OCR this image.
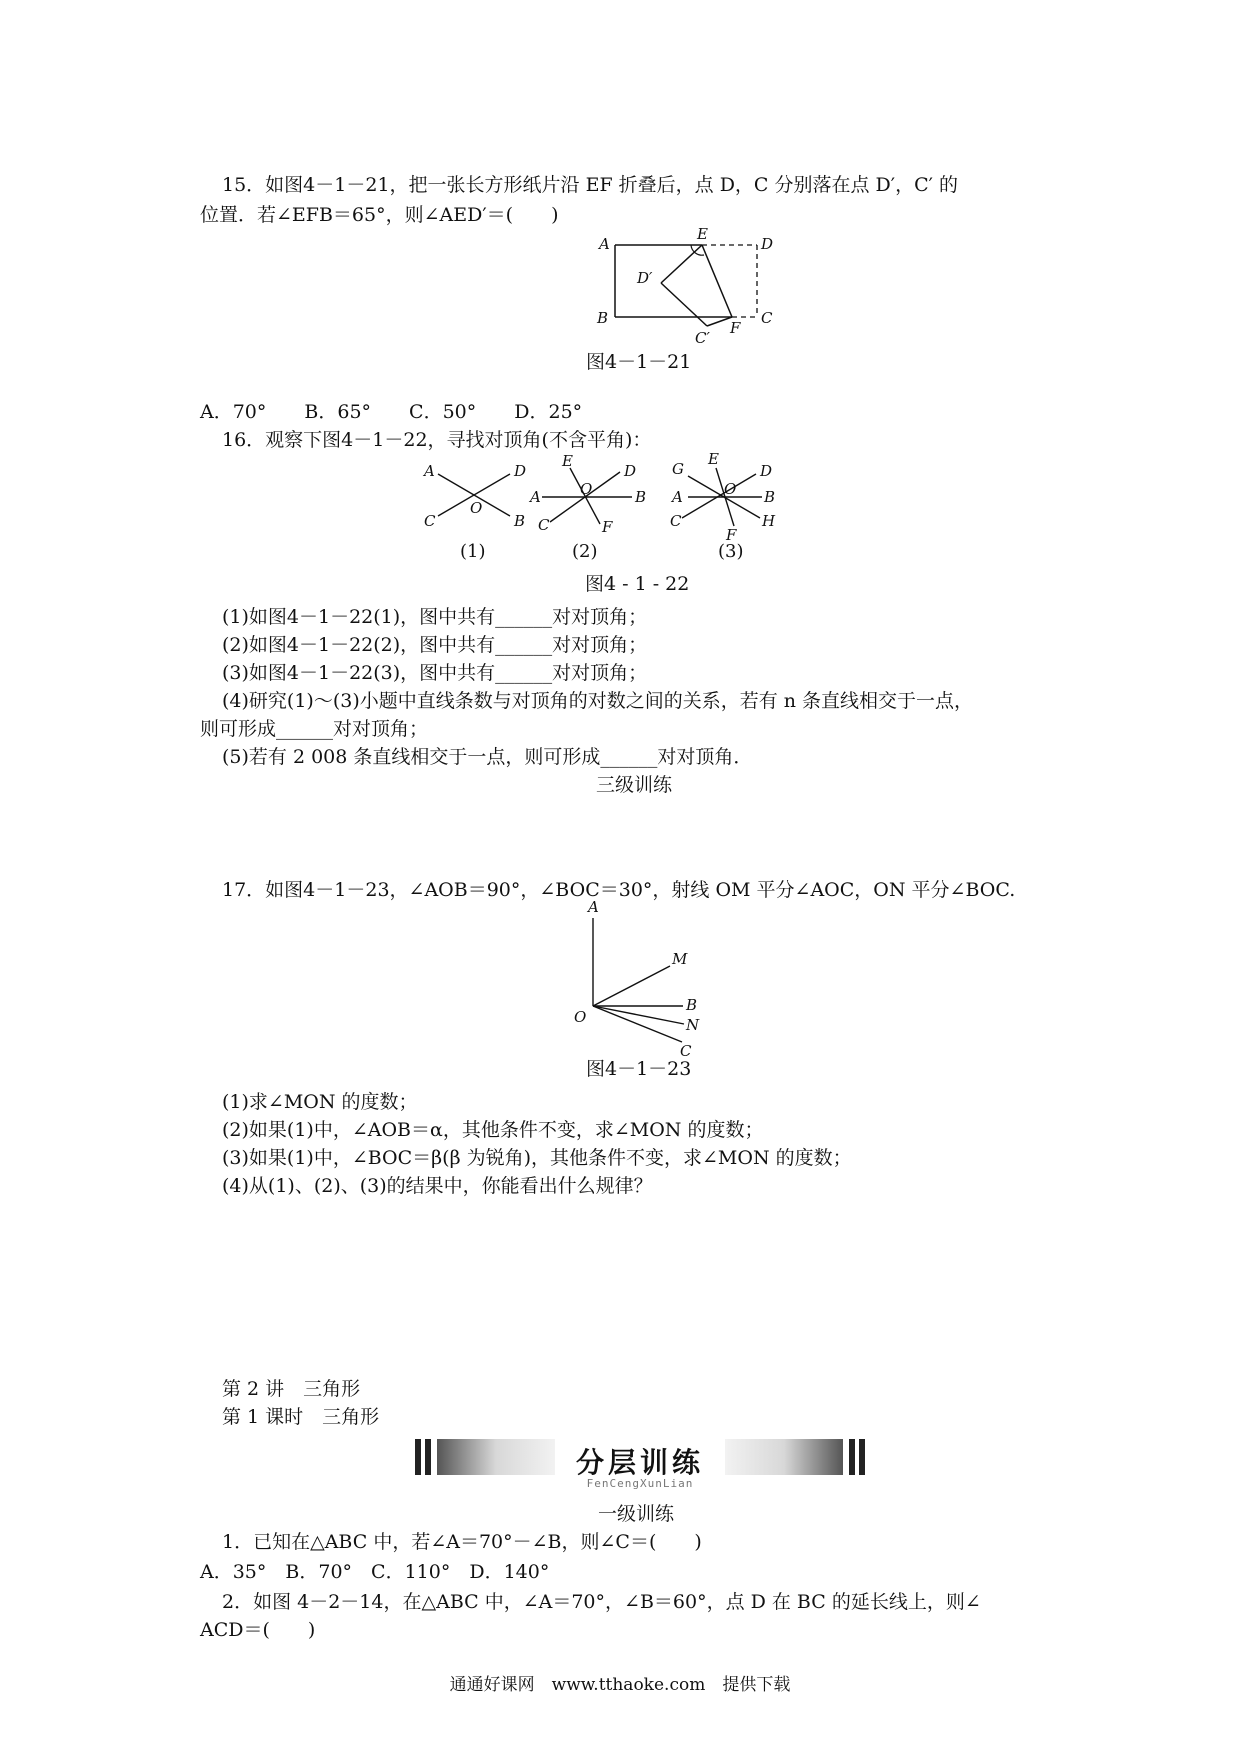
15．如图4－1－21，把一张长方形纸片沿 EF 折叠后，点 D，C 分别落在点 D′，C′ 的
位置．若∠EFB＝65°，则∠AED′＝(　　)
A
E
D
D′
B
C′
F
C
图4－1－21
A．70°　　B．65°　　C．50°　　D．25°
16．观察下图4－1－22，寻找对顶角(不含平角)：
A	D
O
C	B
(1)
E
D
A	O	B
C	F
(2)
G
E
D
A	O B
C
F
H
(3)
图4 - 1 - 22
(1)如图4－1－22(1)，图中共有______对对顶角；
(2)如图4－1－22(2)，图中共有______对对顶角；
(3)如图4－1－22(3)，图中共有______对对顶角；
(4)研究(1)～(3)小题中直线条数与对顶角的对数之间的关系，若有 n 条直线相交于一点，
则可形成______对对顶角；
(5)若有 2 008 条直线相交于一点，则可形成______对对顶角．
三级训练
17．如图4－1－23，∠AOB＝90°，∠BOC＝30°，射线 OM 平分∠AOC，ON 平分∠BOC.
A
M
B
O	N
C
图4－1－23
(1)求∠MON 的度数；
(2)如果(1)中，∠AOB＝α，其他条件不变，求∠MON 的度数；
(3)如果(1)中，∠BOC＝β(β 为锐角)，其他条件不变，求∠MON 的度数；
(4)从(1)、(2)、(3)的结果中，你能看出什么规律？
第 2 讲　三角形
第 1 课时　三角形
分层训练
FenCengXunLian
一级训练
1．已知在△ABC 中，若∠A＝70°－∠B，则∠C＝(　　)
A．35°　B．70°　C．110°　D．140°
2．如图 4－2－14，在△ABC 中，∠A＝70°，∠B＝60°，点 D 在 BC 的延长线上，则∠
ACD＝(　　)
通通好课网　www.tthaoke.com　提供下载
